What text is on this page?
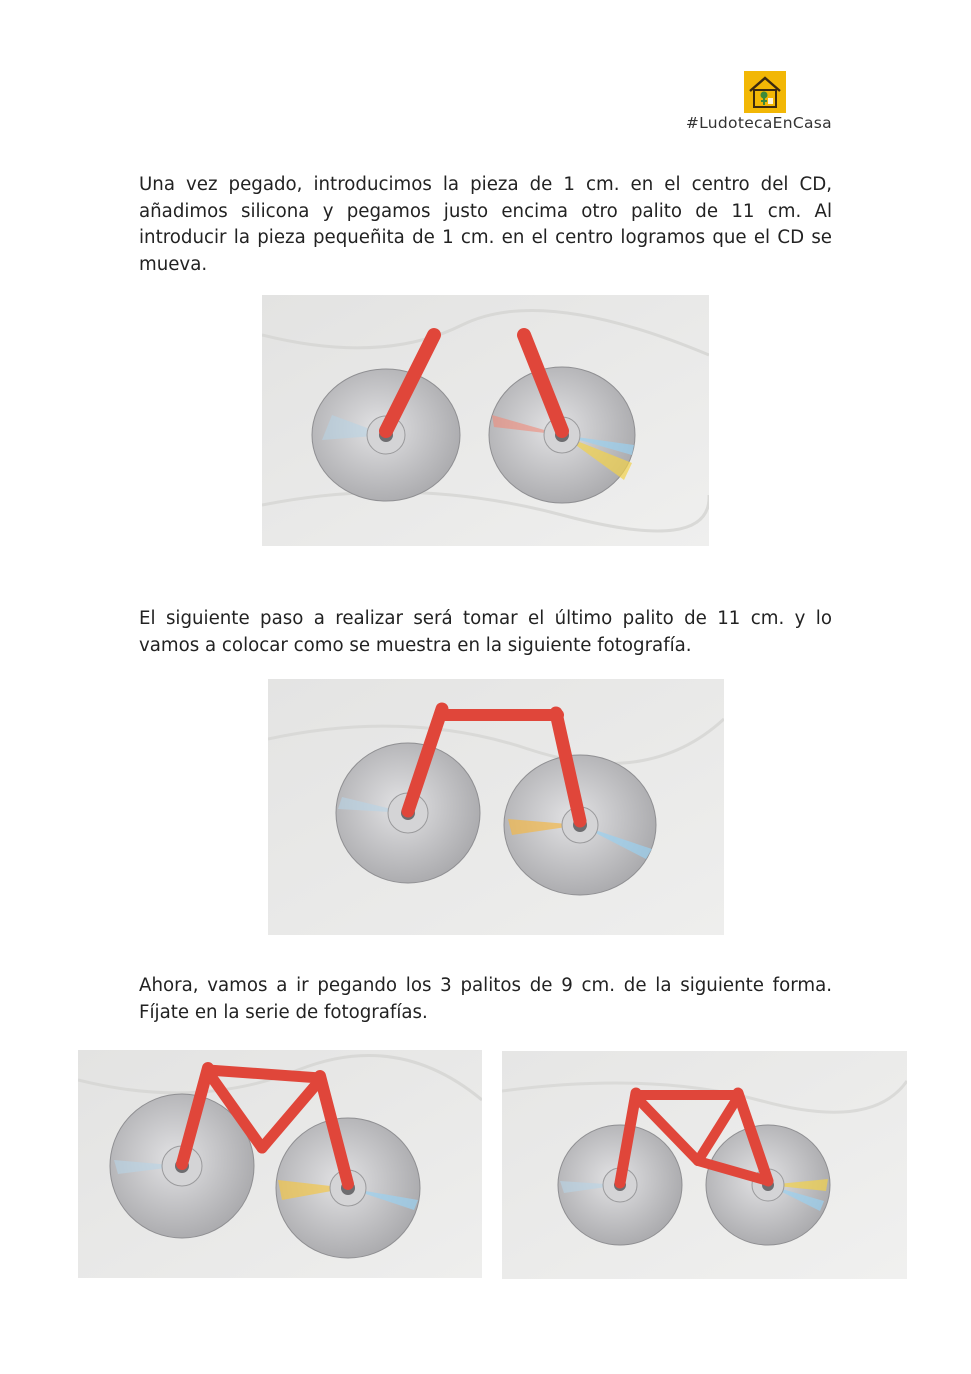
#LudotecaEnCasa

Una vez pegado, introducimos la pieza de 1 cm. en el centro del CD, añadimos silicona y pegamos justo encima otro palito de 11 cm. Al introducir la pieza pequeñita de 1 cm. en el centro logramos que el CD se mueva.

El siguiente paso a realizar será tomar el último palito de 11 cm. y lo vamos a colocar como se muestra en la siguiente fotografía.

Ahora, vamos a ir pegando los 3 palitos de 9 cm. de la siguiente forma. Fíjate en la serie de fotografías.
